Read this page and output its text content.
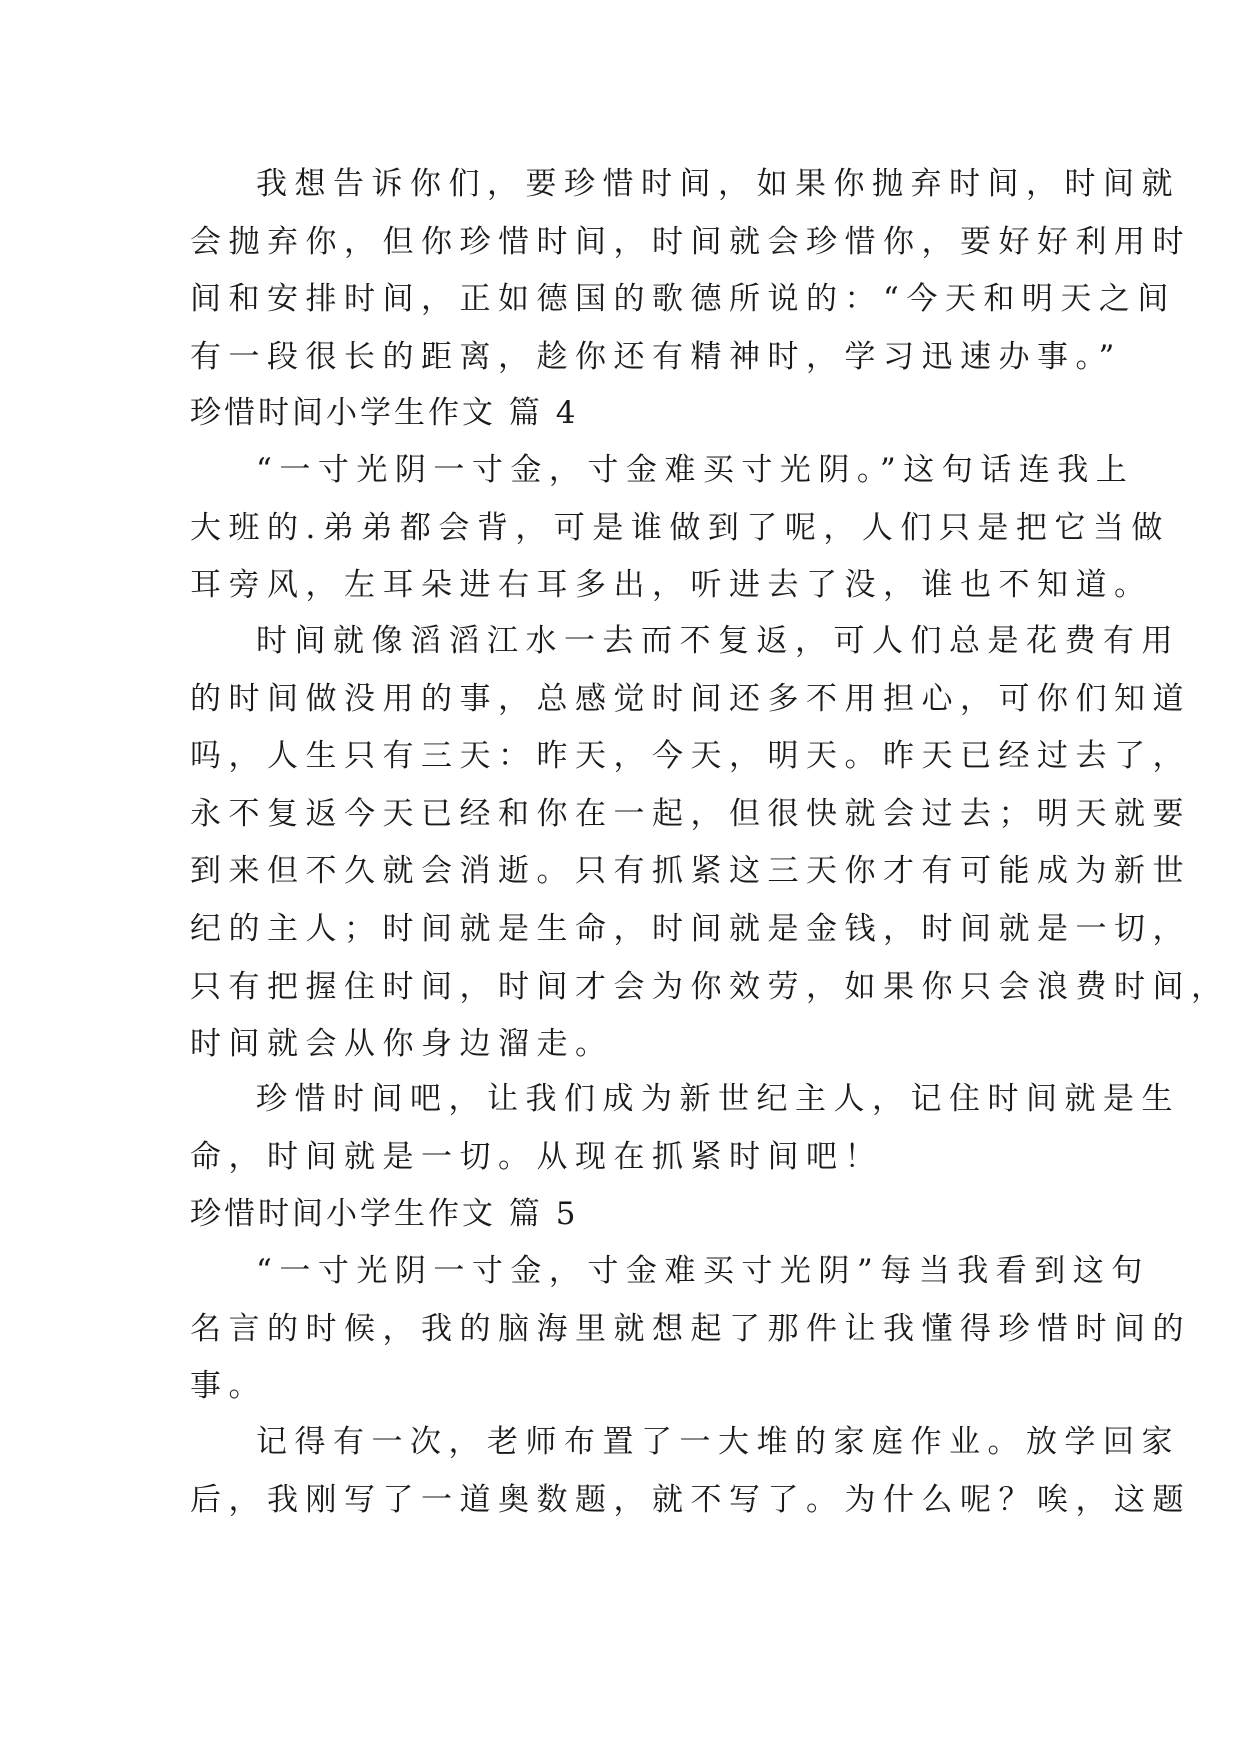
我想告诉你们，要珍惜时间，如果你抛弃时间，时间就
会抛弃你，但你珍惜时间，时间就会珍惜你，要好好利用时
间和安排时间，正如德国的歌德所说的：“今天和明天之间
有一段很长的距离，趁你还有精神时，学习迅速办事。”
珍惜时间小学生作文 篇 4
“一寸光阴一寸金，寸金难买寸光阴。”这句话连我上
大班的.弟弟都会背，可是谁做到了呢，人们只是把它当做
耳旁风，左耳朵进右耳多出，听进去了没，谁也不知道。
时间就像滔滔江水一去而不复返，可人们总是花费有用
的时间做没用的事，总感觉时间还多不用担心，可你们知道
吗，人生只有三天：昨天，今天，明天。昨天已经过去了，
永不复返今天已经和你在一起，但很快就会过去；明天就要
到来但不久就会消逝。只有抓紧这三天你才有可能成为新世
纪的主人；时间就是生命，时间就是金钱，时间就是一切，
只有把握住时间，时间才会为你效劳，如果你只会浪费时间，
时间就会从你身边溜走。
珍惜时间吧，让我们成为新世纪主人，记住时间就是生
命，时间就是一切。从现在抓紧时间吧！
珍惜时间小学生作文 篇 5
“一寸光阴一寸金，寸金难买寸光阴”每当我看到这句
名言的时候，我的脑海里就想起了那件让我懂得珍惜时间的
事。
记得有一次，老师布置了一大堆的家庭作业。放学回家
后，我刚写了一道奥数题，就不写了。为什么呢？唉，这题
